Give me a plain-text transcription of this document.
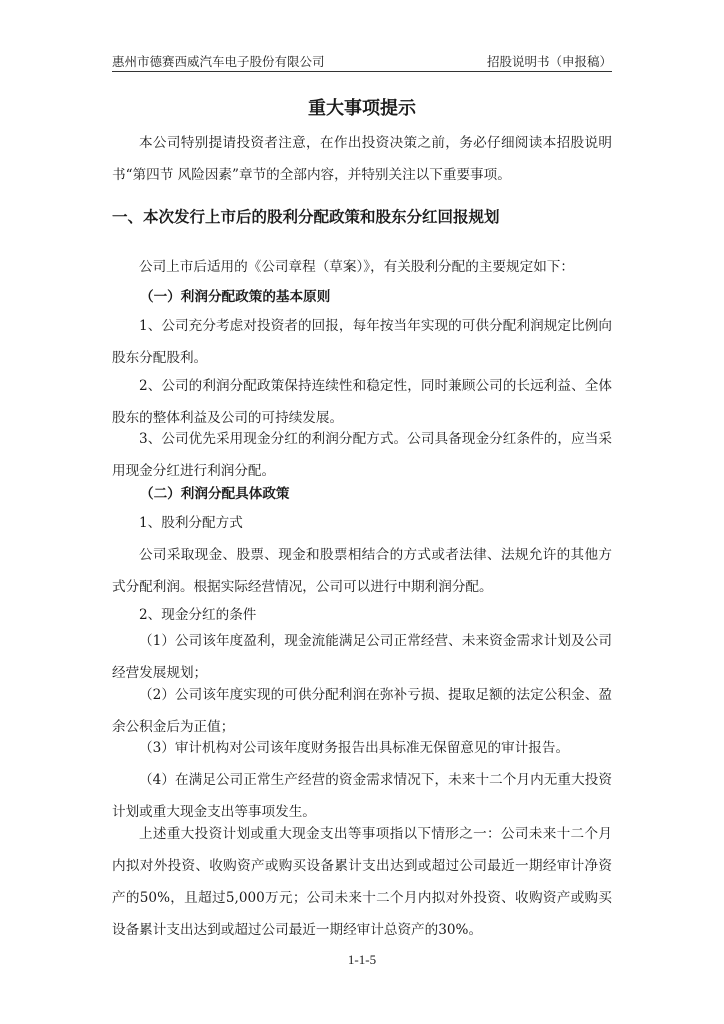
惠州市德赛西威汽车电子股份有限公司	招股说明书（申报稿）
重大事项提示
本公司特别提请投资者注意，在作出投资决策之前，务必仔细阅读本招股说明书“第四节 风险因素”章节的全部内容，并特别关注以下重要事项。
一、本次发行上市后的股利分配政策和股东分红回报规划
公司上市后适用的《公司章程（草案）》，有关股利分配的主要规定如下：
（一）利润分配政策的基本原则
1、公司充分考虑对投资者的回报，每年按当年实现的可供分配利润规定比例向股东分配股利。
2、公司的利润分配政策保持连续性和稳定性，同时兼顾公司的长远利益、全体股东的整体利益及公司的可持续发展。
3、公司优先采用现金分红的利润分配方式。公司具备现金分红条件的，应当采用现金分红进行利润分配。
（二）利润分配具体政策
1、股利分配方式
公司采取现金、股票、现金和股票相结合的方式或者法律、法规允许的其他方式分配利润。根据实际经营情况，公司可以进行中期利润分配。
2、现金分红的条件
（1）公司该年度盈利，现金流能满足公司正常经营、未来资金需求计划及公司经营发展规划；
（2）公司该年度实现的可供分配利润在弥补亏损、提取足额的法定公积金、盈余公积金后为正值；
（3）审计机构对公司该年度财务报告出具标准无保留意见的审计报告。
（4）在满足公司正常生产经营的资金需求情况下，未来十二个月内无重大投资计划或重大现金支出等事项发生。
上述重大投资计划或重大现金支出等事项指以下情形之一：公司未来十二个月内拟对外投资、收购资产或购买设备累计支出达到或超过公司最近一期经审计净资产的50%，且超过5,000万元；公司未来十二个月内拟对外投资、收购资产或购买设备累计支出达到或超过公司最近一期经审计总资产的30%。
1-1-5
